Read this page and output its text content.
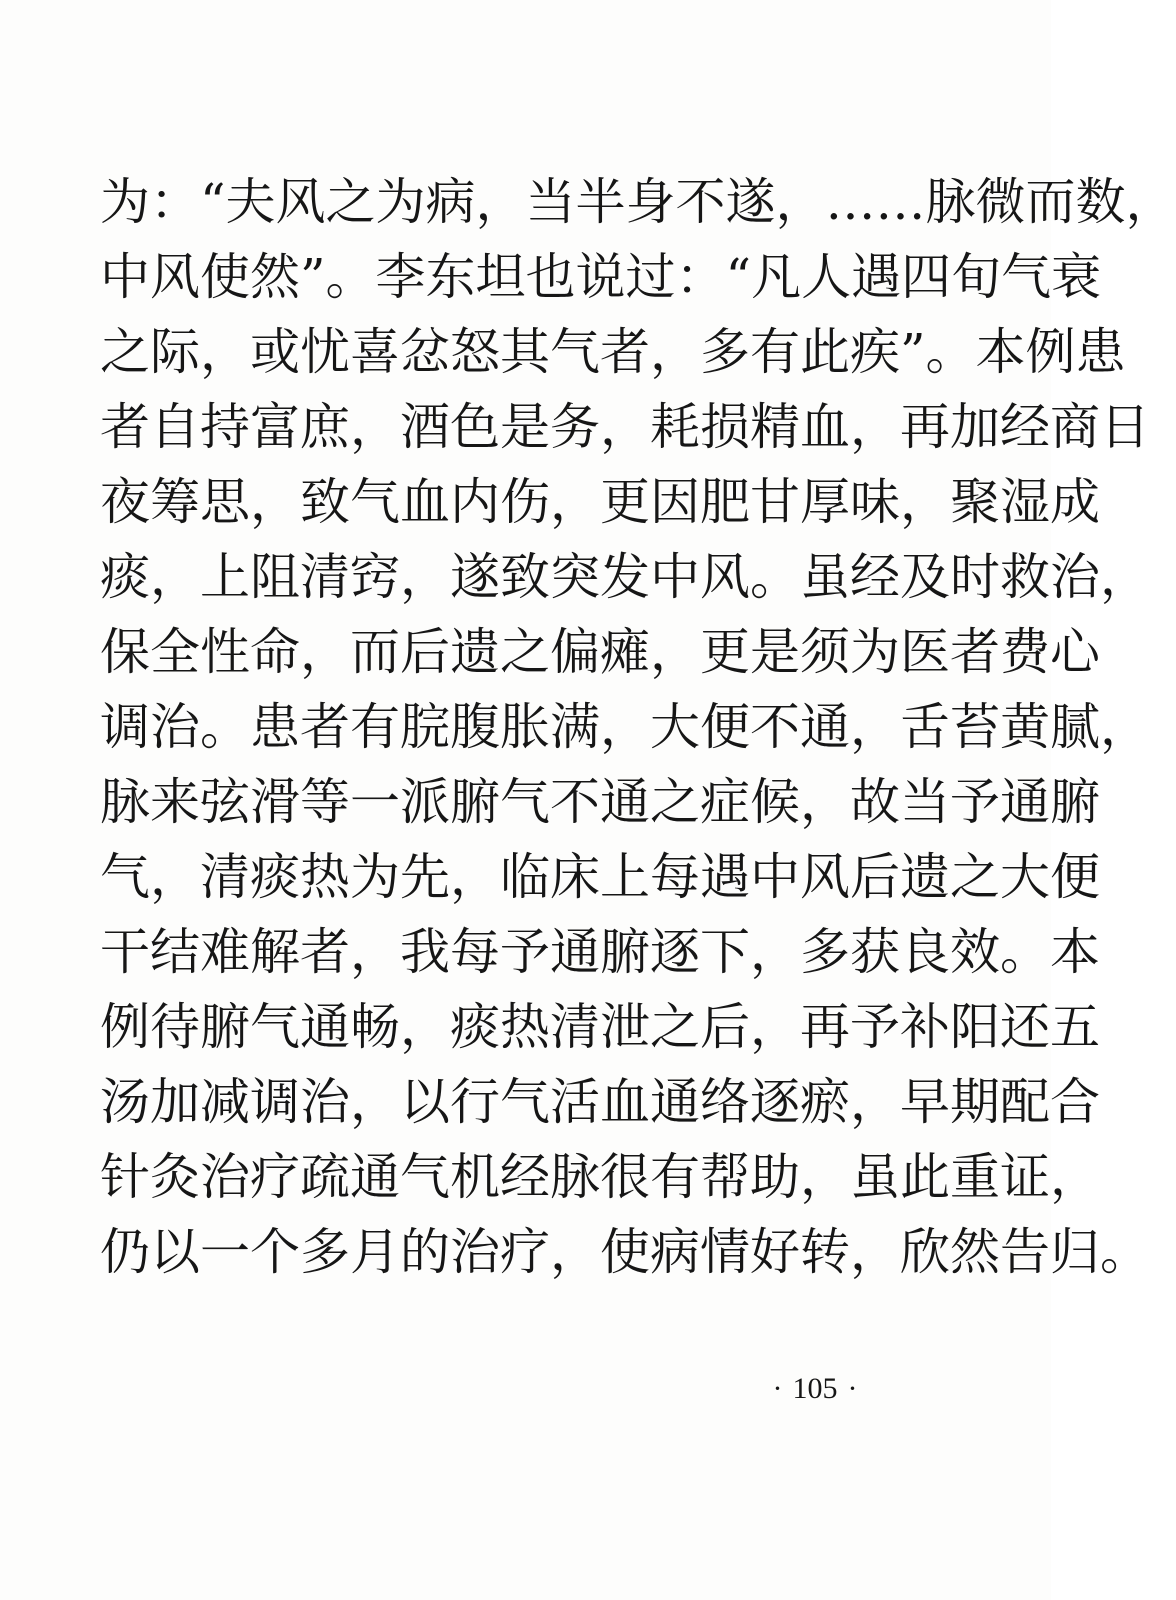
为：“夫风之为病，当半身不遂，……脉微而数，
中风使然”。李东坦也说过：“凡人遇四旬气衰
之际，或忧喜忿怒其气者，多有此疾”。本例患
者自持富庶，酒色是务，耗损精血，再加经商日
夜筹思，致气血内伤，更因肥甘厚味，聚湿成
痰，上阻清窍，遂致突发中风。虽经及时救治，
保全性命，而后遗之偏瘫，更是须为医者费心
调治。患者有脘腹胀满，大便不通，舌苔黄腻，
脉来弦滑等一派腑气不通之症候，故当予通腑
气，清痰热为先，临床上每遇中风后遗之大便
干结难解者，我每予通腑逐下，多获良效。本
例待腑气通畅，痰热清泄之后，再予补阳还五
汤加减调治，以行气活血通络逐瘀，早期配合
针灸治疗疏通气机经脉很有帮助，虽此重证，
仍以一个多月的治疗，使病情好转，欣然告归。
· 105 ·
